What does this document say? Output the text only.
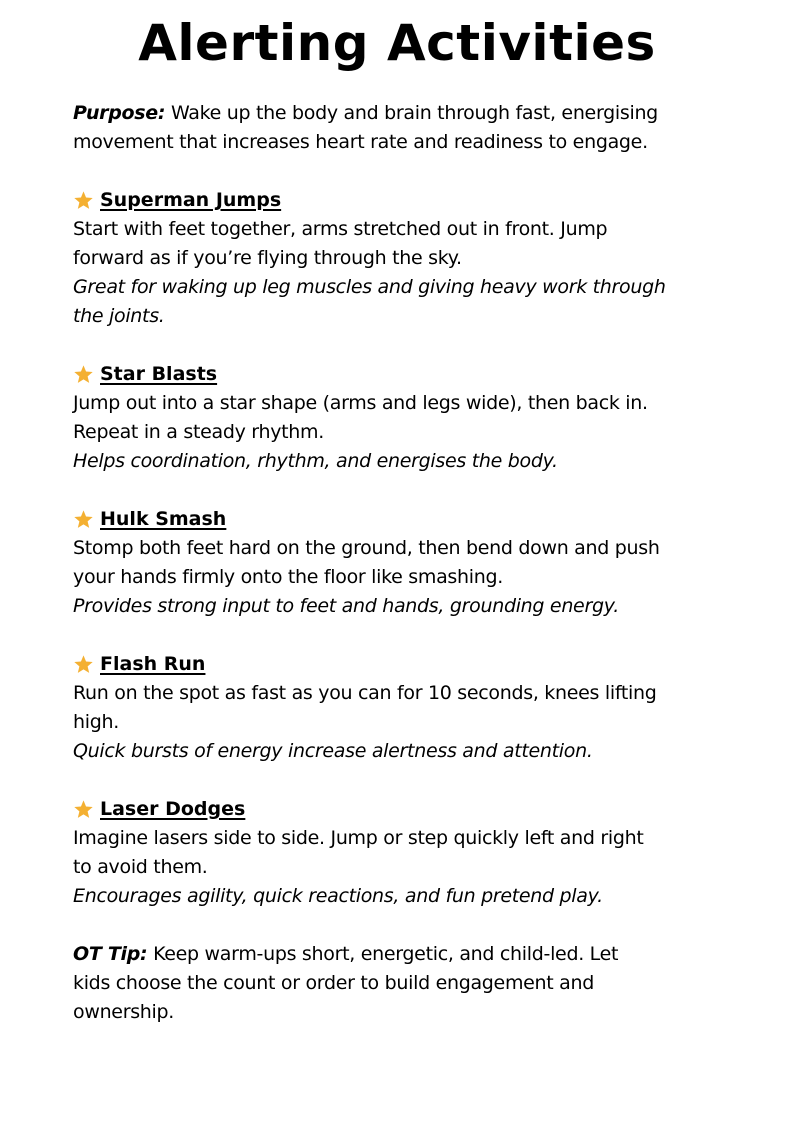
Alerting Activities

Purpose: Wake up the body and brain through fast, energising

movement that increases heart rate and readiness to engage.

Superman Jumps

Start with feet together, arms stretched out in front. Jump

forward as if you’re flying through the sky.

Great for waking up leg muscles and giving heavy work through

the joints.

Star Blasts

Jump out into a star shape (arms and legs wide), then back in.

Repeat in a steady rhythm.

Helps coordination, rhythm, and energises the body.

Hulk Smash

Stomp both feet hard on the ground, then bend down and push

your hands firmly onto the floor like smashing.

Provides strong input to feet and hands, grounding energy.

Flash Run

Run on the spot as fast as you can for 10 seconds, knees lifting

high.

Quick bursts of energy increase alertness and attention.

Laser Dodges

Imagine lasers side to side. Jump or step quickly left and right

to avoid them.

Encourages agility, quick reactions, and fun pretend play.

OT Tip: Keep warm-ups short, energetic, and child-led. Let

kids choose the count or order to build engagement and

ownership.
